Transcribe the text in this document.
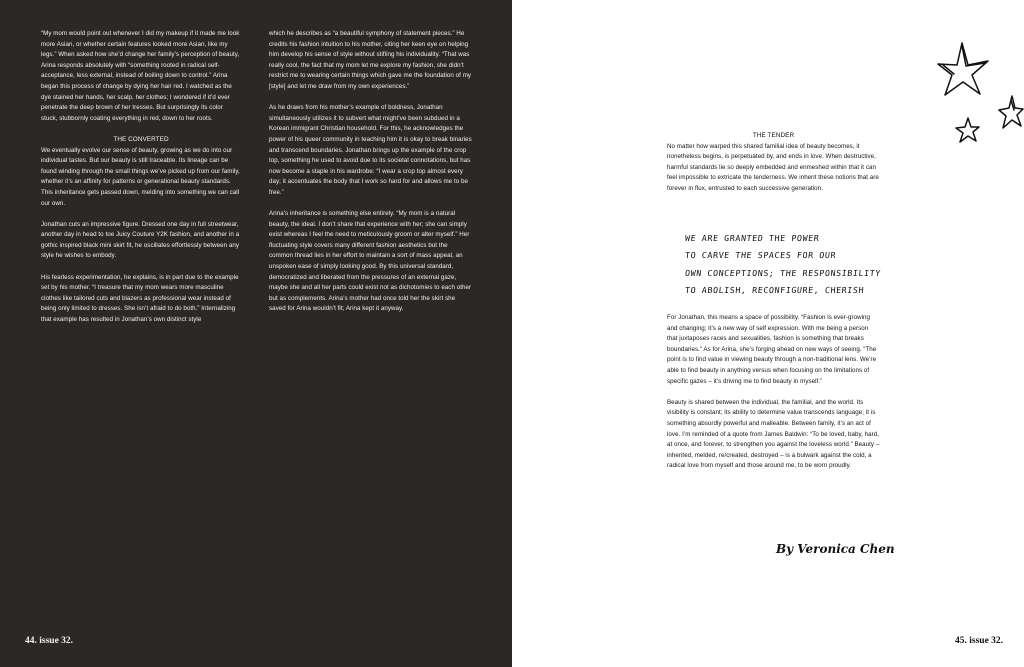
“My mom would point out whenever I did my makeup if it made me look more Asian, or whether certain features looked more Asian, like my legs.” When asked how she’d change her family’s perception of beauty, Arina responds absolutely with “something rooted in radical self-acceptance, less external, instead of boiling down to control.” Arina began this process of change by dying her hair red. I watched as the dye stained her hands, her scalp, her clothes; I wondered if it’d ever penetrate the deep brown of her tresses. But surprisingly its color stuck, stubbornly coating everything in red, down to her roots.

THE CONVERTED

We eventually evolve our sense of beauty, growing as we do into our individual tastes. But our beauty is still traceable. Its lineage can be found winding through the small things we’ve picked up from our family, whether it’s an affinity for patterns or generational beauty standards. This inheritance gets passed down, melding into something we can call our own.

Jonathan cuts an impressive figure. Dressed one day in full streetwear, another day in head to toe Juicy Couture Y2K fashion, and another in a gothic inspired black mini skirt fit, he oscillates effortlessly between any style he wishes to embody.

His fearless experimentation, he explains, is in part due to the example set by his mother. “I treasure that my mom wears more masculine clothes like tailored cuts and blazers as professional wear instead of being only limited to dresses. She isn’t afraid to do both.” Internalizing that example has resulted in Jonathan’s own distinct style

which he describes as “a beautiful symphony of statement pieces.” He credits his fashion intuition to his mother, citing her keen eye on helping him develop his sense of style without stifling his individuality. “That was really cool, the fact that my mom let me explore my fashion, she didn’t restrict me to wearing certain things which gave me the foundation of my [style] and let me draw from my own experiences.”

As he draws from his mother’s example of boldness, Jonathan simultaneously utilizes it to subvert what might’ve been subdued in a Korean immigrant Christian household. For this, he acknowledges the power of his queer community in teaching him it is okay to break binaries and transcend boundaries. Jonathan brings up the example of the crop top, something he used to avoid due to its societal connotations, but has now become a staple in his wardrobe: “I wear a crop top almost every day; it accentuates the body that I work so hard for and allows me to be free.”

Arina’s inheritance is something else entirely. “My mom is a natural beauty, the ideal. I don’t share that experience with her; she can simply exist whereas I feel the need to meticulously groom or alter myself.” Her fluctuating style covers many different fashion aesthetics but the common thread lies in her effort to maintain a sort of mass appeal, an unspoken ease of simply looking good. By this universal standard, democratized and liberated from the pressures of an external gaze, maybe she and all her parts could exist not as dichotomies to each other but as complements. Arina’s mother had once told her the skirt she saved for Arina wouldn’t fit; Arina kept it anyway.

44. issue 32.
THE TENDER

No matter how warped this shared familial idea of beauty becomes, it nonetheless begins, is perpetuated by, and ends in love. When destructive, harmful standards lie so deeply embedded and enmeshed within that it can feel impossible to extricate the tenderness. We inherit these notions that are forever in flux, entrusted to each successive generation.

WE ARE GRANTED THE POWER
TO CARVE THE SPACES FOR OUR
OWN CONCEPTIONS; THE RESPONSIBILITY
TO ABOLISH, RECONFIGURE, CHERISH

For Jonathan, this means a space of possibility. “Fashion is ever-growing and changing; it’s a new way of self expression. With me being a person that juxtaposes races and sexualities, fashion is something that breaks boundaries.” As for Arina, she’s forging ahead on new ways of seeing. “The point is to find value in viewing beauty through a non-traditional lens. We’re able to find beauty in anything versus when focusing on the limitations of specific gazes – it’s driving me to find beauty in myself.”

Beauty is shared between the individual, the familial, and the world. Its visibility is constant; its ability to determine value transcends language; it is something absurdly powerful and malleable. Between family, it’s an act of love. I’m reminded of a quote from James Baldwin: “To be loved, baby, hard, at once, and forever, to strengthen you against the loveless world.” Beauty – inherited, melded, re/created, destroyed – is a bulwark against the cold, a radical love from myself and those around me, to be worn proudly.

By Veronica Chen
45. issue 32.
